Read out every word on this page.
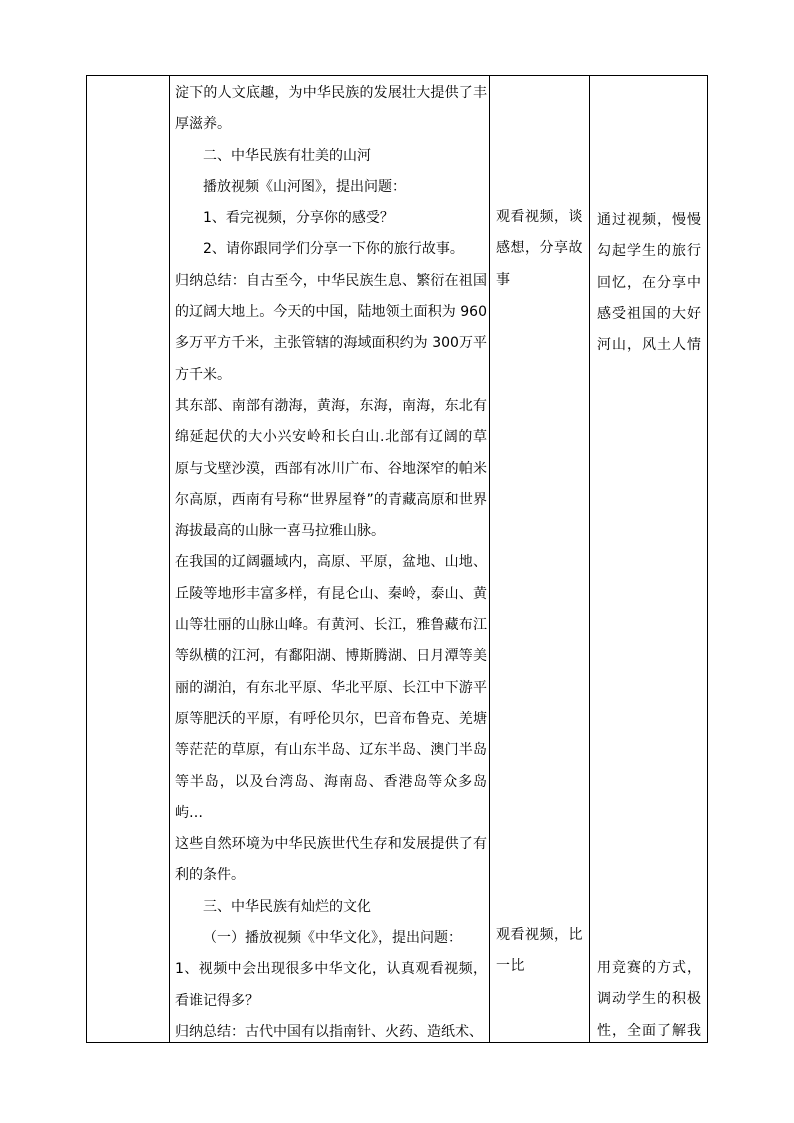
淀下的人文底趣，为中华民族的发展壮大提供了丰厚滋养。

二、中华民族有壮美的山河

播放视频《山河图》，提出问题：

1、看完视频，分享你的感受？

2、请你跟同学们分享一下你的旅行故事。

归纳总结：自古至今，中华民族生息、繁衍在祖国的辽阔大地上。今天的中国，陆地领土面积为 960多万平方千米，主张管辖的海域面积约为 300万平方千米。

其东部、南部有渤海，黄海，东海，南海，东北有绵延起伏的大小兴安岭和长白山.北部有辽阔的草原与戈壁沙漠，西部有冰川广布、谷地深窄的帕米尔高原，西南有号称“世界屋脊”的青藏高原和世界海拔最高的山脉一喜马拉雅山脉。

在我国的辽阔疆域内，高原、平原，盆地、山地、丘陵等地形丰富多样，有昆仑山、秦岭，泰山、黄山等壮丽的山脉山峰。有黄河、长江，雅鲁藏布江等纵横的江河，有鄱阳湖、博斯腾湖、日月潭等美丽的湖泊，有东北平原、华北平原、长江中下游平原等肥沃的平原，有呼伦贝尔，巴音布鲁克、羌塘等茫茫的草原，有山东半岛、辽东半岛、澳门半岛等半岛，以及台湾岛、海南岛、香港岛等众多岛屿…

这些自然环境为中华民族世代生存和发展提供了有利的条件。

三、中华民族有灿烂的文化

（一）播放视频《中华文化》，提出问题：

1、视频中会出现很多中华文化，认真观看视频，看谁记得多？

归纳总结：古代中国有以指南针、火药、造纸术、

观看视频，谈感想，分享故事
观看视频，比一比
通过视频，慢慢勾起学生的旅行回忆，在分享中感受祖国的大好河山，风土人情
用竞赛的方式，调动学生的积极性，全面了解我
